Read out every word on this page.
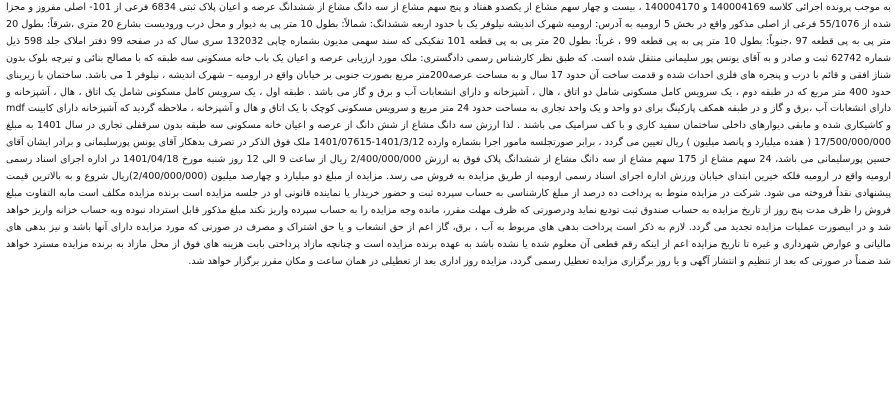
به موجب پرونده اجرائی کلاسه 140004169 و 140004170 ، بیست و چهار سهم مشاع از یکصدو هفتاد و پنج سهم مشاع از سه دانگ مشاع از ششدانگ عرصه و اعیان پلاک ثبتی 6834 فرعی از 101- اصلی مفروز و مجزا شده از 55/1076 فرعی از اصلی مذکور واقع در بخش 5 ارومیه به آدرس: ارومیه شهرک اندیشه نیلوفر یک با حدود اربعه ششدانگ: شمالاً: بطول 10 متر پی به دیوار و محل درب ورودیست بشارع 20 متری ،شرقاً: بطول 20 متر پی به پی قطعه 97 ،جنوباً: بطول 10 متر پی به پی قطعه 99 ، غرباً: بطول 20 متر پی به پی قطعه 101 تفکیکی که سند سهمی مدیون بشماره چاپی 132032 سری سال که در صفحه 99 دفتر املاک جلد 598 ذیل شماره 62742 ثبت و صادر و به آقای یونس پور سلیمانی منتقل شده است. که طبق نظر کارشناس رسمی دادگستری: ملک مورد ارزیابی عرصه و اعیان یک باب خانه مسکونی سه طبقه که با مصالح بنائی و تیرچه بلوک بدون شناژ افقی و قائم با درب و پنجره های فلزی احداث شده و قدمت ساخت آن حدود 17 سال و به مساحت عرصه200متر مربع بصورت جنوبی بر خیابان واقع در ارومیه – شهرک اندیشه ، نیلوفر 1 می باشد. ساختمان با زیربنای حدود 400 متر مربع که در طبقه دوم ، یک سرویس کامل مسکونی شامل دو اتاق ، هال ، آشپزخانه و دارای انشعابات آب و برق و گاز می باشد . طبقه اول ، یک سرویس کامل مسکونی شامل یک اتاق ، هال ، آشپزخانه و دارای انشعابات آب ،برق و گاز و در طبقه همکف پارکینگ برای دو واحد و یک واحد تجاری به مساحت حدود 24 متر مربع و سرویس مسکونی کوچک با یک اتاق و هال و آشپزخانه ، ملاحظه گردید که آشپزخانه دارای کابینت mdf و کاشیکاری شده و مابقی دیوارهای داخلی ساختمان سفید کاری و با کف سرامیک می باشند . لذا ارزش سه دانگ مشاع از شش دانگ از عرصه و اعیان خانه مسکونی سه طبقه بدون سرقفلی تجاری در سال 1401 به مبلغ 17/500/000/000 ( هفده میلیارد و پانصد میلیون ) ریال تعیین می گردد ، برابر صورتجلسه مامور اجرا بشماره وارده 1401/3/12-1401/07615 ملک فوق الذکر در تصرف بدهکار آقای یونس پورسلیمانی و برادر ایشان آقای حسین پورسلیمانی می باشد، 24 سهم مشاع از 175 سهم مشاع از سه دانگ مشاع از ششدانگ پلاک فوق به ارزش 2/400/000/000 ریال از ساعت 9 الی 12 روز شنبه مورخ 1401/04/18 در اداره اجرای اسناد رسمی ارومیه واقع در ارومیه فلکه خیرین ابتدای خیابان ورزش اداره اجرای اسناد رسمی ارومیه از طریق مزایده به فروش می رسد. مزایده از مبلغ دو میلیارد و چهارصد میلیون (2/400/000/000)ریال شروع و به بالاترین قیمت پیشنهادی نقداً فروخته می شود. شرکت در مزایده منوط به پرداخت ده درصد از مبلغ کارشناسی به حساب سپرده ثبت و حضور خریدار یا نماینده قانونی او در جلسه مزایده است برنده مزایده مکلف است مابه التفاوت مبلغ فروش را ظرف مدت پنج روز از تاریخ مزایده به حساب صندوق ثبت تودیع نماید ودرصورتی که ظرف مهلت مقرر، مانده وجه مزایده را به حساب سپرده واریز نکند مبلغ مذکور قابل استرداد نبوده وبه حساب خزانه واریز خواهد شد و در ابیصورت عملیات مزایده تجدید می گردد. لازم به ذکر است پرداخت بدهی های مربوط به آب ، برق، گاز اعم از حق انشعاب و یا حق اشتراک و مصرف در صورتی که مورد مزایده دارای آنها باشد و نیز بدهی های مالیاتی و عوارض شهرداری و غیره تا تاریخ مزایده اعم از اینکه رقم قطعی آن معلوم شده یا نشده باشد به عهده برنده مزایده است و چنانچه مازاد پرداختی بابت هزینه های فوق از محل مازاد به برنده مزایده مسترد خواهد شد ضمناً در صورتی که بعد از تنظیم و انتشار آگهی و یا روز برگزاری مزایده تعطیل رسمی گردد، مزایده روز اداری بعد از تعطیلی در همان ساعت و مکان مقرر برگزار خواهد شد.
